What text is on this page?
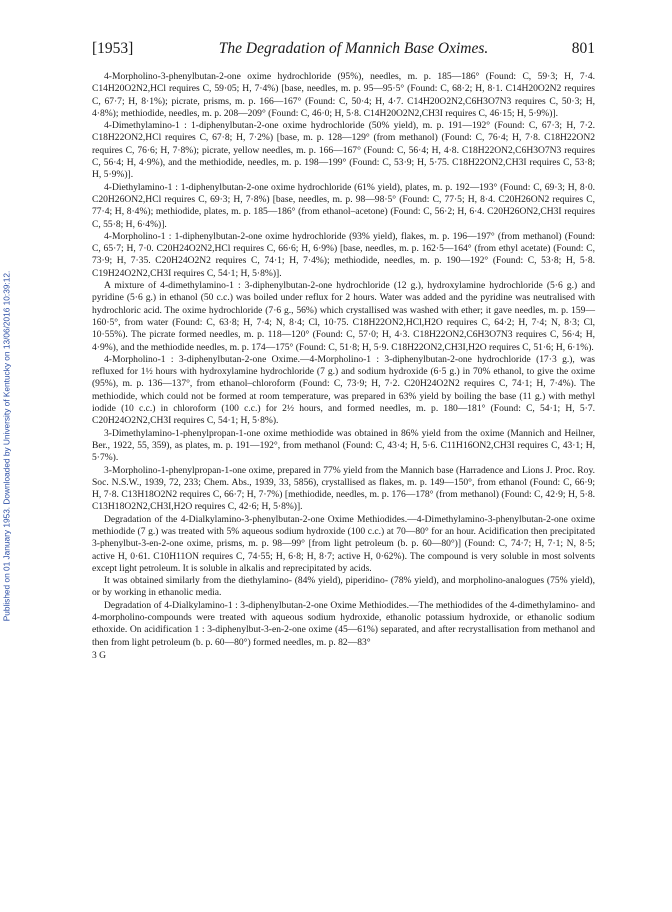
[1953]	The Degradation of Mannich Base Oximes.	801
Published on 01 January 1953. Downloaded by University of Kentucky on 13/06/2016 10:39:12.

4-Morpholino-3-phenylbutan-2-one oxime hydrochloride (95%), needles, m. p. 185—186° (Found: C, 59·3; H, 7·4. C14H20O2N2,HCl requires C, 59·05; H, 7·4%) [base, needles, m. p. 95—95·5° (Found: C, 68·2; H, 8·1. C14H20O2N2 requires C, 67·7; H, 8·1%); picrate, prisms, m. p. 166—167° (Found: C, 50·4; H, 4·7. C14H20O2N2,C6H3O7N3 requires C, 50·3; H, 4·8%); methiodide, needles, m. p. 208—209° (Found: C, 46·0; H, 5·8. C14H20O2N2,CH3I requires C, 46·15; H, 5·9%)].

4-Dimethylamino-1 : 1-diphenylbutan-2-one oxime hydrochloride (50% yield), m. p. 191—192° (Found: C, 67·3; H, 7·2. C18H22ON2,HCl requires C, 67·8; H, 7·2%) [base, m. p. 128—129° (from methanol) (Found: C, 76·4; H, 7·8. C18H22ON2 requires C, 76·6; H, 7·8%); picrate, yellow needles, m. p. 166—167° (Found: C, 56·4; H, 4·8. C18H22ON2,C6H3O7N3 requires C, 56·4; H, 4·9%), and the methiodide, needles, m. p. 198—199° (Found: C, 53·9; H, 5·75. C18H22ON2,CH3I requires C, 53·8; H, 5·9%)].

4-Diethylamino-1 : 1-diphenylbutan-2-one oxime hydrochloride (61% yield), plates, m. p. 192—193° (Found: C, 69·3; H, 8·0. C20H26ON2,HCl requires C, 69·3; H, 7·8%) [base, needles, m. p. 98—98·5° (Found: C, 77·5; H, 8·4. C20H26ON2 requires C, 77·4; H, 8·4%); methiodide, plates, m. p. 185—186° (from ethanol–acetone) (Found: C, 56·2; H, 6·4. C20H26ON2,CH3I requires C, 55·8; H, 6·4%)].

4-Morpholino-1 : 1-diphenylbutan-2-one oxime hydrochloride (93% yield), flakes, m. p. 196—197° (from methanol) (Found: C, 65·7; H, 7·0. C20H24O2N2,HCl requires C, 66·6; H, 6·9%) [base, needles, m. p. 162·5—164° (from ethyl acetate) (Found: C, 73·9; H, 7·35. C20H24O2N2 requires C, 74·1; H, 7·4%); methiodide, needles, m. p. 190—192° (Found: C, 53·8; H, 5·8. C19H24O2N2,CH3I requires C, 54·1; H, 5·8%)].

A mixture of 4-dimethylamino-1 : 3-diphenylbutan-2-one hydrochloride (12 g.), hydroxylamine hydrochloride (5·6 g.) and pyridine (5·6 g.) in ethanol (50 c.c.) was boiled under reflux for 2 hours. Water was added and the pyridine was neutralised with hydrochloric acid. The oxime hydrochloride (7·6 g., 56%) which crystallised was washed with ether; it gave needles, m. p. 159—160·5°, from water (Found: C, 63·8; H, 7·4; N, 8·4; Cl, 10·75. C18H22ON2,HCl,H2O requires C, 64·2; H, 7·4; N, 8·3; Cl, 10·55%). The picrate formed needles, m. p. 118—120° (Found: C, 57·0; H, 4·3. C18H22ON2,C6H3O7N3 requires C, 56·4; H, 4·9%), and the methiodide needles, m. p. 174—175° (Found: C, 51·8; H, 5·9. C18H22ON2,CH3I,H2O requires C, 51·6; H, 6·1%).

4-Morpholino-1 : 3-diphenylbutan-2-one Oxime.—4-Morpholino-1 : 3-diphenylbutan-2-one hydrochloride (17·3 g.), was refluxed for 1½ hours with hydroxylamine hydrochloride (7 g.) and sodium hydroxide (6·5 g.) in 70% ethanol, to give the oxime (95%), m. p. 136—137°, from ethanol–chloroform (Found: C, 73·9; H, 7·2. C20H24O2N2 requires C, 74·1; H, 7·4%). The methiodide, which could not be formed at room temperature, was prepared in 63% yield by boiling the base (11 g.) with methyl iodide (10 c.c.) in chloroform (100 c.c.) for 2½ hours, and formed needles, m. p. 180—181° (Found: C, 54·1; H, 5·7. C20H24O2N2,CH3I requires C, 54·1; H, 5·8%).

3-Dimethylamino-1-phenylpropan-1-one oxime methiodide was obtained in 86% yield from the oxime (Mannich and Heilner, Ber., 1922, 55, 359), as plates, m. p. 191—192°, from methanol (Found: C, 43·4; H, 5·6. C11H16ON2,CH3I requires C, 43·1; H, 5·7%).

3-Morpholino-1-phenylpropan-1-one oxime, prepared in 77% yield from the Mannich base (Harradence and Lions J. Proc. Roy. Soc. N.S.W., 1939, 72, 233; Chem. Abs., 1939, 33, 5856), crystallised as flakes, m. p. 149—150°, from ethanol (Found: C, 66·9; H, 7·8. C13H18O2N2 requires C, 66·7; H, 7·7%) [methiodide, needles, m. p. 176—178° (from methanol) (Found: C, 42·9; H, 5·8. C13H18O2N2,CH3I,H2O requires C, 42·6; H, 5·8%)].

Degradation of the 4-Dialkylamino-3-phenylbutan-2-one Oxime Methiodides.—4-Dimethylamino-3-phenylbutan-2-one oxime methiodide (7 g.) was treated with 5% aqueous sodium hydroxide (100 c.c.) at 70—80° for an hour. Acidification then precipitated 3-phenylbut-3-en-2-one oxime, prisms, m. p. 98—99° [from light petroleum (b. p. 60—80°)] (Found: C, 74·7; H, 7·1; N, 8·5; active H, 0·61. C10H11ON requires C, 74·55; H, 6·8; H, 8·7; active H, 0·62%). The compound is very soluble in most solvents except light petroleum. It is soluble in alkalis and reprecipitated by acids.

It was obtained similarly from the diethylamino- (84% yield), piperidino- (78% yield), and morpholino-analogues (75% yield), or by working in ethanolic media.

Degradation of 4-Dialkylamino-1 : 3-diphenylbutan-2-one Oxime Methiodides.—The methiodides of the 4-dimethylamino- and 4-morpholino-compounds were treated with aqueous sodium hydroxide, ethanolic potassium hydroxide, or ethanolic sodium ethoxide. On acidification 1 : 3-diphenylbut-3-en-2-one oxime (45—61%) separated, and after recrystallisation from methanol and then from light petroleum (b. p. 60—80°) formed needles, m. p. 82—83°

3 G
